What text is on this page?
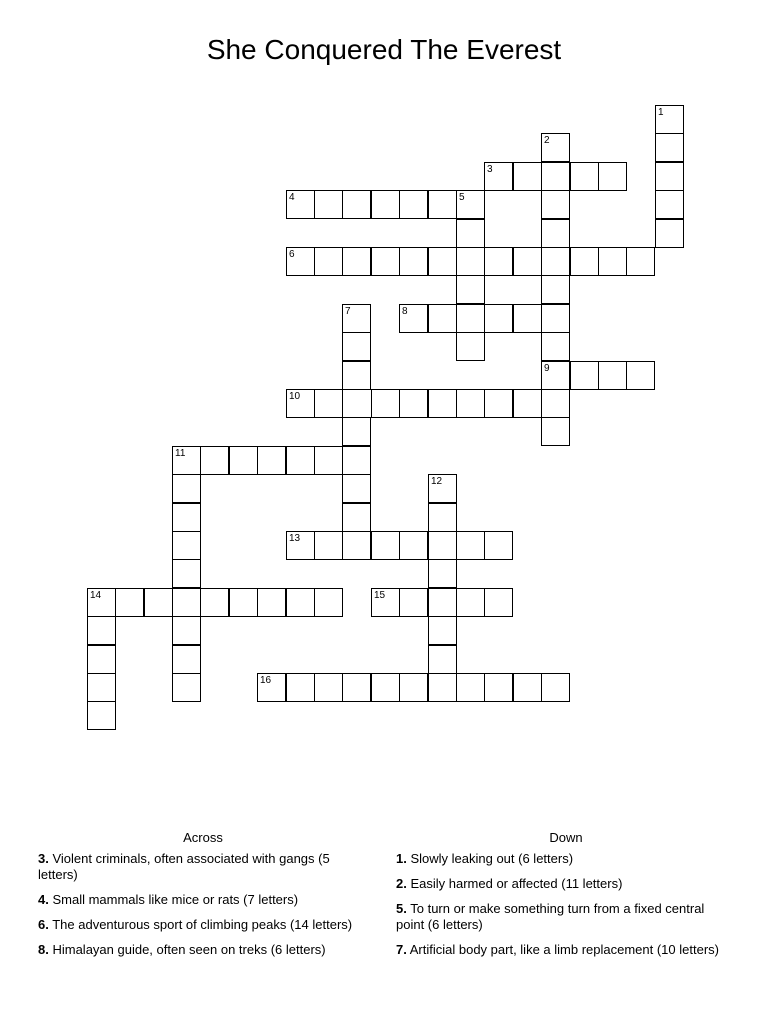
She Conquered The Everest
1
2
9
3
4	5
6
7	8
10
11
12
13
14	15
16
Across
3. Violent criminals, often associated with gangs (5 letters)
4. Small mammals like mice or rats (7 letters)
6. The adventurous sport of climbing peaks (14 letters)
8. Himalayan guide, often seen on treks (6 letters)
Down
1. Slowly leaking out (6 letters)
2. Easily harmed or affected (11 letters)
5. To turn or make something turn from a fixed central point (6 letters)
7. Artificial body part, like a limb replacement (10 letters)
